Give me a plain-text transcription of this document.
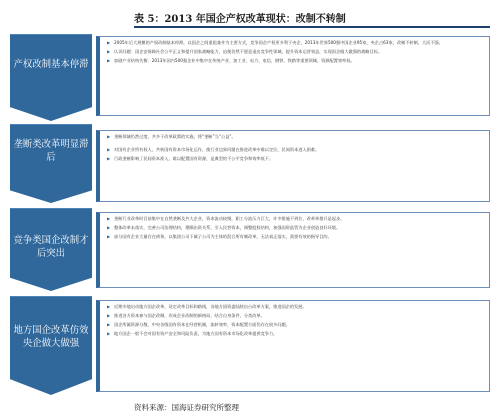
表 5：2013 年国企产权改革现状：改制不转制
产权改制基本停滞
▶ 2005年后大规模的产权改制基本停滞，以国企之间重组兼并为主要方式，竞争国企产权更多利于央企，2013年世界500强中国企业95家，央企占63家，改制不转制，大而不强。
▶ 认识问题：国企安保障社会公平正义和提升国家战略能力，迫使仍然不愿意退出竞争性领域，提升资本运营效益，实现国企做大做强的战略目标。
▶ 加剧产业结构失衡：2013年国内500强企业中集中在传统产业、加工业、电力、电信、钢铁、铁路等重要领域，资源配置效率低。
垄断类改革明显滞后
▶ 垄断领域仍然过度，共多于改革政策的实施，将“垄断”当“公益”。
▶ 对国有企业所有权人，共转国有资本市场化运作，使行业边界问题在推进改革中难以定位，民间资本进入困难。
▶ 行政垄断影响了民间资本准入，难以配置国有资源，是典型的不公平竞争和效率低下。
竞争类国企改制才后突出
▶ 垄断行业改革时目前集中在自然垄断及共大企业，资本流动较慢，职工分流压力巨大，许多措施不到位，改革举措只是起步。
▶ 整体改革未落实，完善公司治理结构，理顺出资关系，引入民营资本，调整股权结构，加强国资监管为企业创造良好环境。
▶ 部分国有企业大量存在债务，以集团公司下属子公司为主体的混合所有制改革，无法真正落实，需要有效的指导目的。
地方国企改革仿效央企做大做强
▶ 近期多地启动地方国企改革，设定改革目标和路线，各地方国资委陆续出台改革方案，推进国企的发展。
▶ 推进各方资本参与国企改制，形成企业改制的新格局，结合自身条件，分类改革。
▶ 国企所属资源分散，中央各级国有资本在经营机制，流转效率，资本配置方面仍存在较多问题。
▶ 地方国企一般不会对国有资产安全和风险负责，为地方国有资本市场化改革提供竞争力。
资料来源：国海证券研究所整理
